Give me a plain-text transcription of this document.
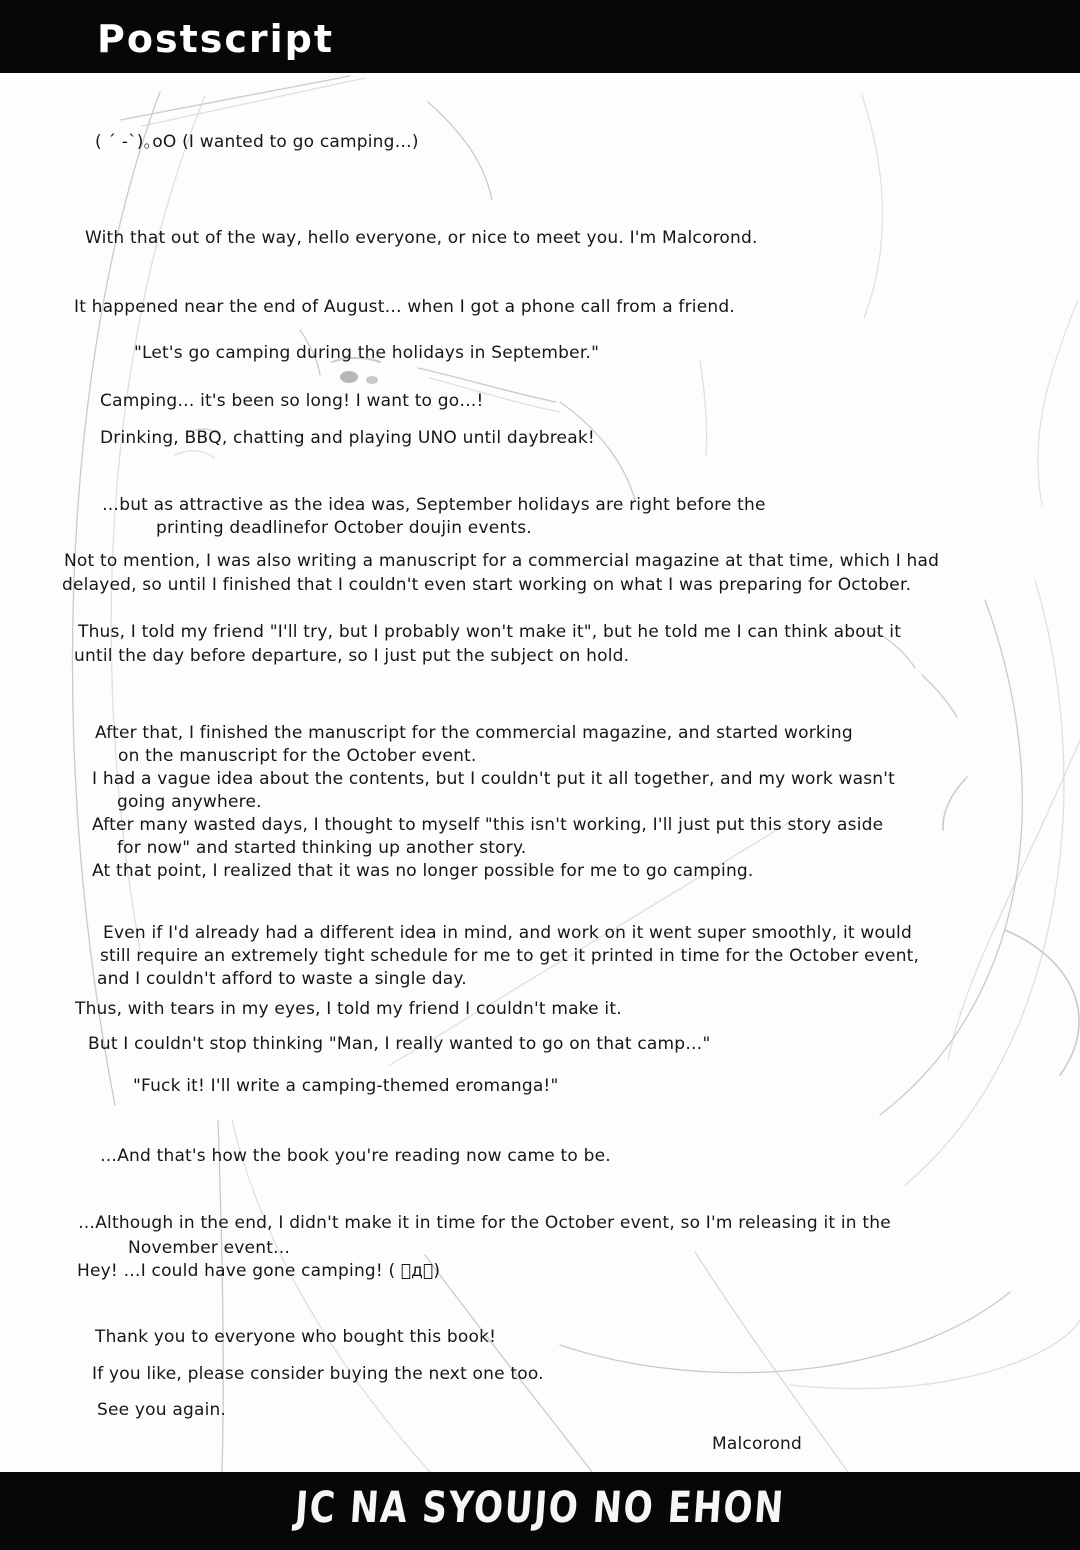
Postscript
( ´ -`)｡oO (I wanted to go camping…)
With that out of the way, hello everyone, or nice to meet you. I'm Malcorond.
It happened near the end of August… when I got a phone call from a friend.
"Let's go camping during the holidays in September."
Camping… it's been so long! I want to go…!
Drinking, BBQ, chatting and playing UNO until daybreak!
…but as attractive as the idea was, September holidays are right before the
printing deadlinefor October doujin events.
Not to mention, I was also writing a manuscript for a commercial magazine at that time, which I had
delayed, so until I finished that I couldn't even start working on what I was preparing for October.
Thus, I told my friend "I'll try, but I probably won't make it", but he told me I can think about it
until the day before departure, so I just put the subject on hold.
After that, I finished the manuscript for the commercial magazine, and started working
on the manuscript for the October event.
I had a vague idea about the contents, but I couldn't put it all together, and my work wasn't
going anywhere.
After many wasted days, I thought to myself "this isn't working, I'll just put this story aside
for now" and started thinking up another story.
At that point, I realized that it was no longer possible for me to go camping.
Even if I'd already had a different idea in mind, and work on it went super smoothly, it would
still require an extremely tight schedule for me to get it printed in time for the October event,
and I couldn't afford to waste a single day.
Thus, with tears in my eyes, I told my friend I couldn't make it.
But I couldn't stop thinking "Man, I really wanted to go on that camp…"
"Fuck it! I'll write a camping-themed eromanga!"
…And that's how the book you're reading now came to be.
…Although in the end, I didn't make it in time for the October event, so I'm releasing it in the
November event…
Hey! …I could have gone camping! ( ゚д゚)
Thank you to everyone who bought this book!
If you like, please consider buying the next one too.
See you again.
Malcorond
JC NA SYOUJO NO EHON
